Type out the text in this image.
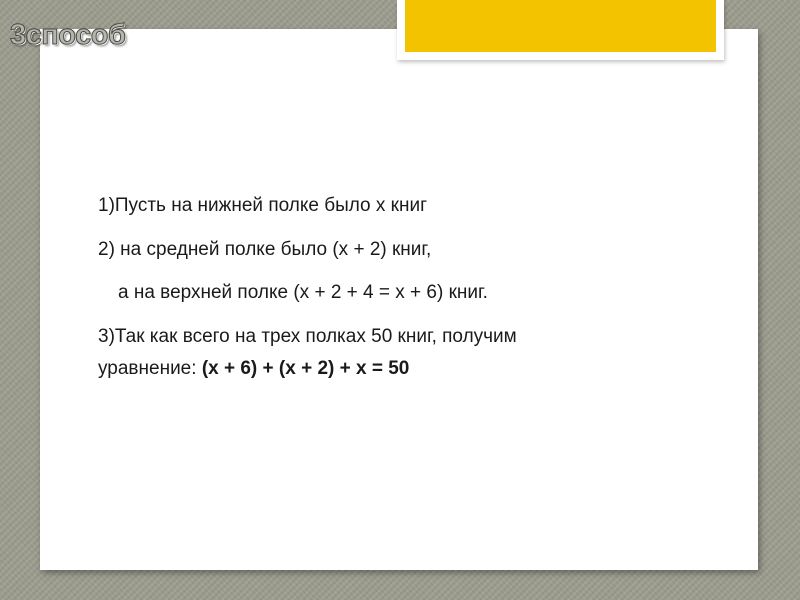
3способ
1)Пусть на нижней полке было х книг
2) на средней полке было (х + 2) книг,
а на верхней полке (х + 2 + 4 = х + 6) книг.
3)Так как всего на трех полках 50 книг, получим
уравнение: (х + 6) + (х + 2) + х = 50
